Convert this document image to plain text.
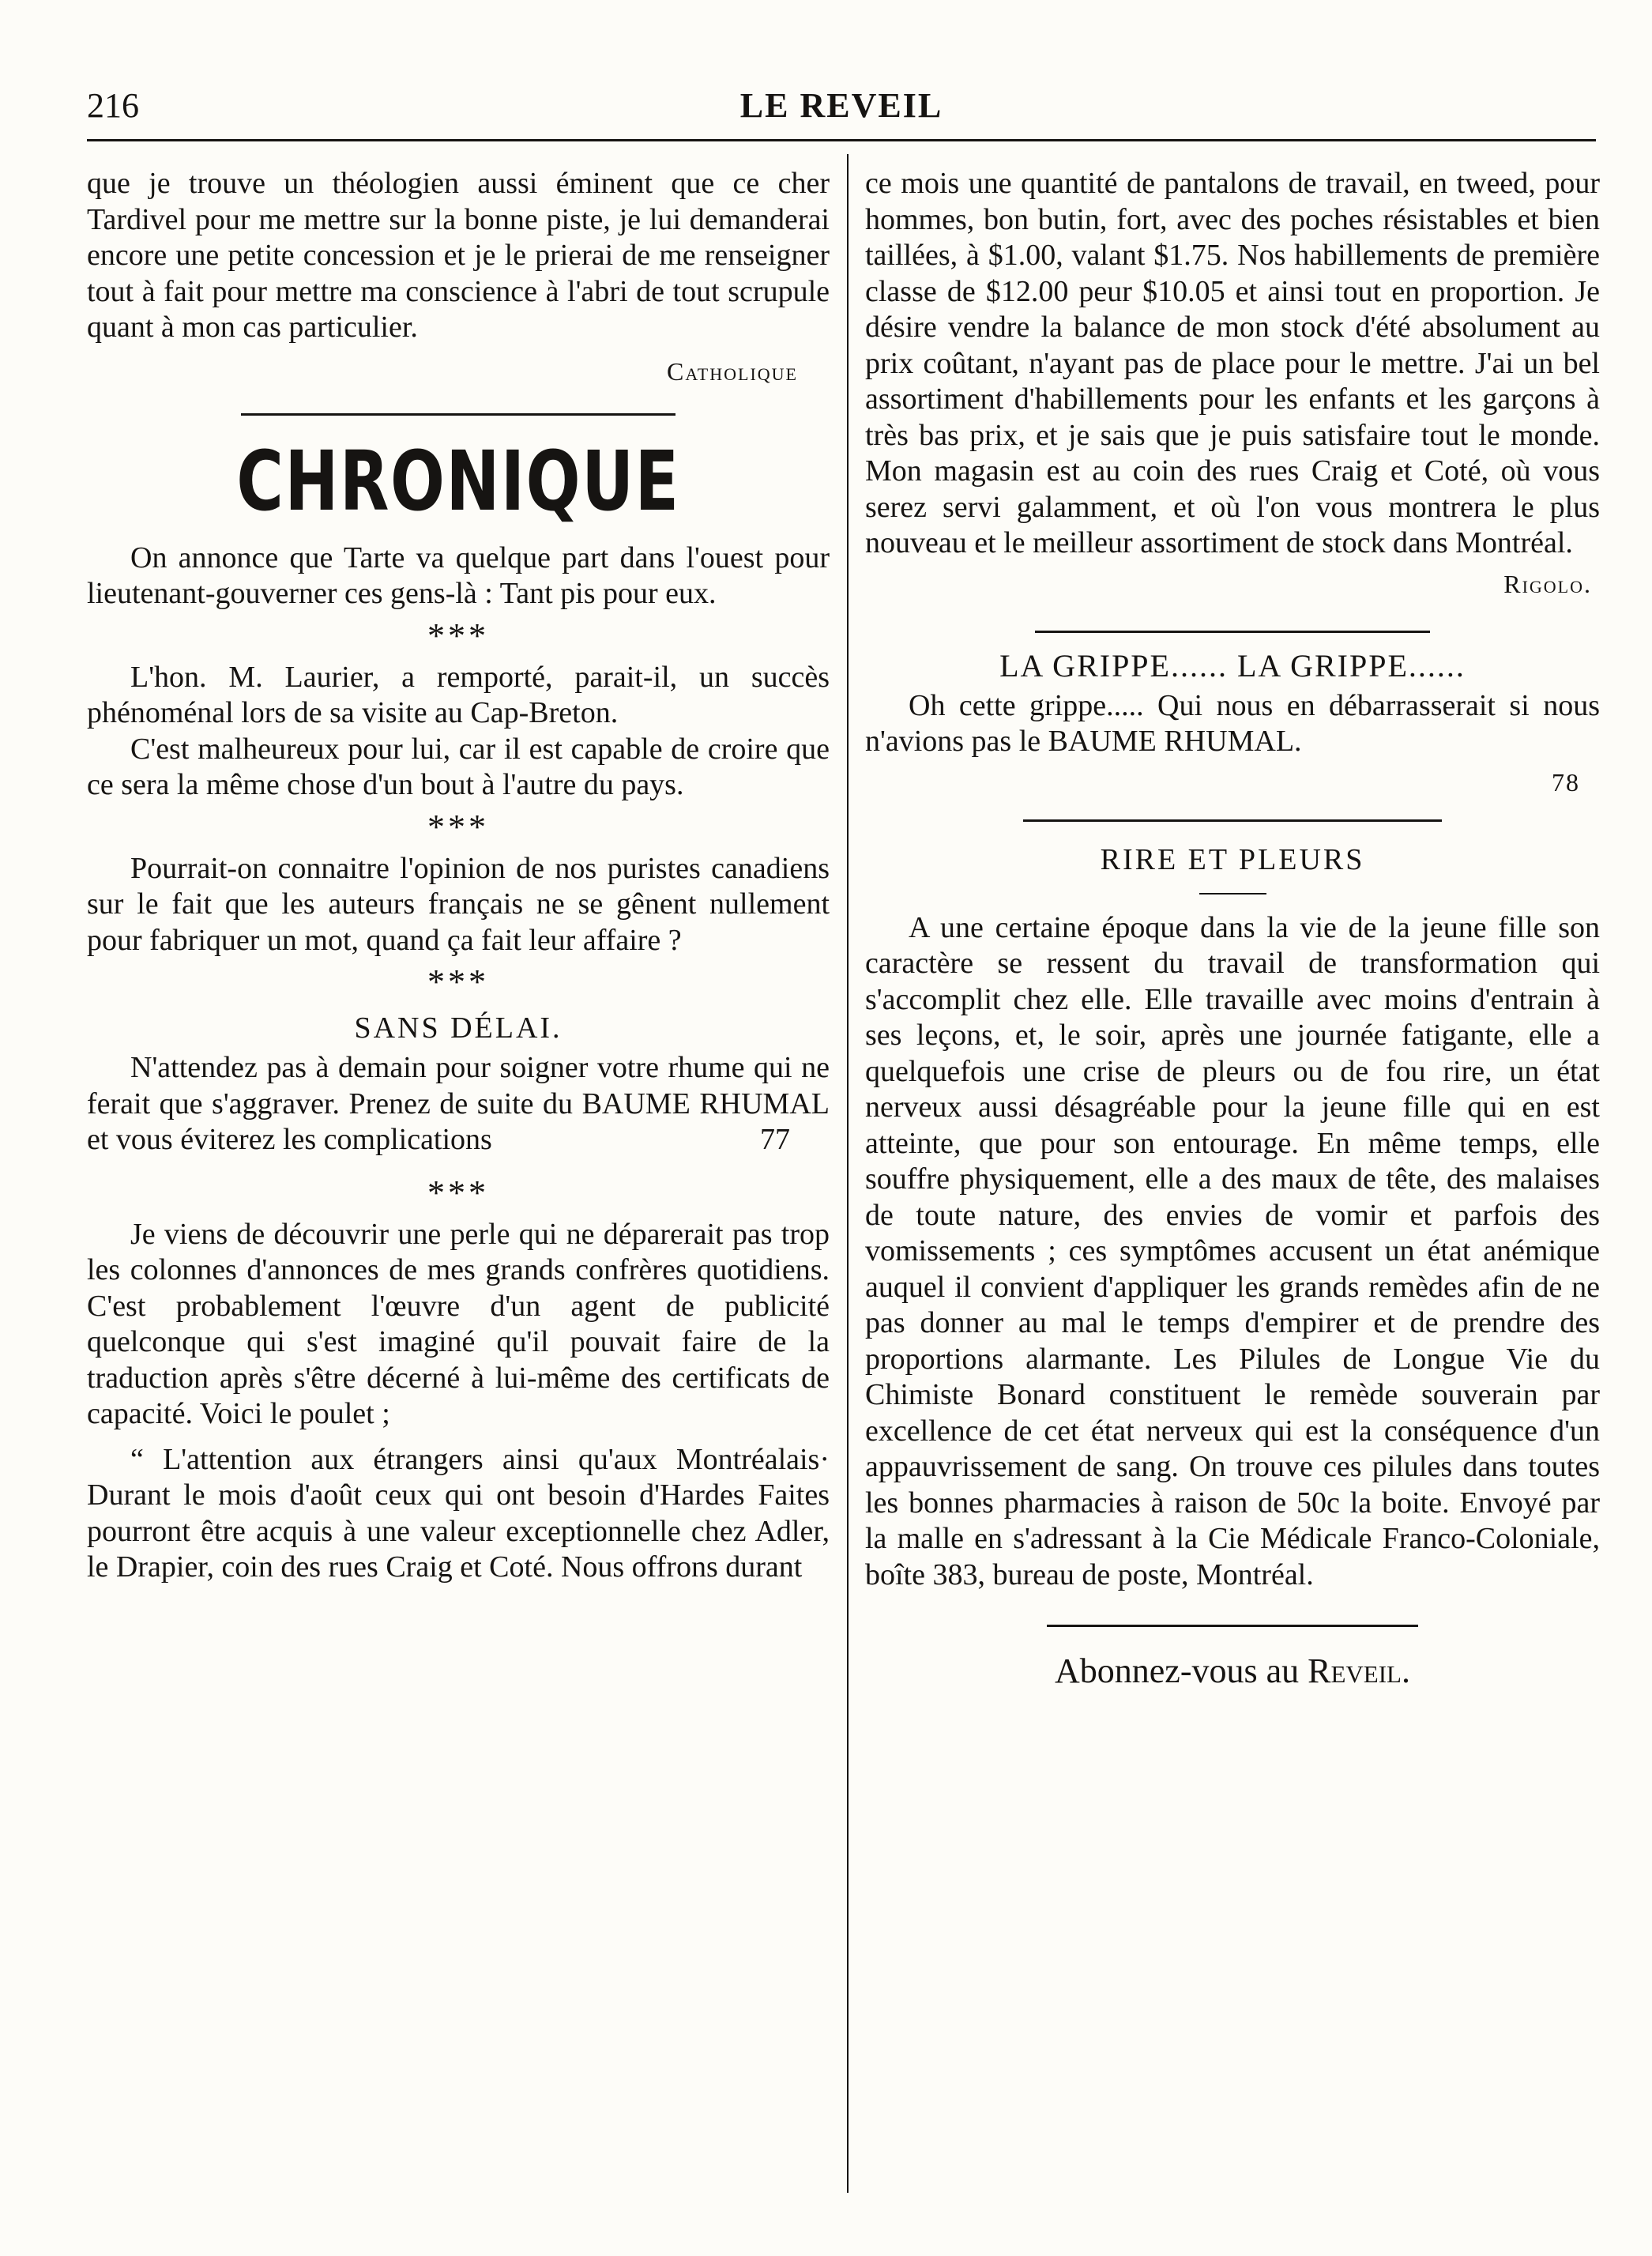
216	LE REVEIL

que je trouve un théologien aussi éminent que ce cher Tardivel pour me mettre sur la bonne piste, je lui demanderai encore une petite concession et je le prierai de me renseigner tout à fait pour mettre ma conscience à l'abri de tout scrupule quant à mon cas particulier.

Catholique
CHRONIQUE

On annonce que Tarte va quelque part dans l'ouest pour lieutenant-gouverner ces gens-là : Tant pis pour eux.

***

L'hon. M. Laurier, a remporté, parait-il, un succès phénoménal lors de sa visite au Cap-Breton.

C'est malheureux pour lui, car il est capable de croire que ce sera la même chose d'un bout à l'autre du pays.

***

Pourrait-on connaitre l'opinion de nos puristes canadiens sur le fait que les auteurs français ne se gênent nullement pour fabriquer un mot, quand ça fait leur affaire ?

***
SANS DÉLAI.

N'attendez pas à demain pour soigner votre rhume qui ne ferait que s'aggraver. Prenez de suite du BAUME RHUMAL et vous éviterez les complications	77

***

Je viens de découvrir une perle qui ne déparerait pas trop les colonnes d'annonces de mes grands confrères quotidiens. C'est probablement l'œuvre d'un agent de publicité quelconque qui s'est imaginé qu'il pouvait faire de la traduction après s'être décerné à lui-même des certificats de capacité. Voici le poulet ;

“ L'attention aux étrangers ainsi qu'aux Montréalais· Durant le mois d'août ceux qui ont besoin d'Hardes Faites pourront être acquis à une valeur exceptionnelle chez Adler, le Drapier, coin des rues Craig et Coté. Nous offrons durant

ce mois une quantité de pantalons de travail, en tweed, pour hommes, bon butin, fort, avec des poches résistables et bien taillées, à $1.00, valant $1.75. Nos habillements de première classe de $12.00 peur $10.05 et ainsi tout en proportion. Je désire vendre la balance de mon stock d'été absolument au prix coûtant, n'ayant pas de place pour le mettre. J'ai un bel assortiment d'habillements pour les enfants et les garçons à très bas prix, et je sais que je puis satisfaire tout le monde. Mon magasin est au coin des rues Craig et Coté, où vous serez servi galamment, et où l'on vous montrera le plus nouveau et le meilleur assortiment de stock dans Montréal.

Rigolo.
LA GRIPPE...... LA GRIPPE......

Oh cette grippe..... Qui nous en débarrasserait si nous n'avions pas le BAUME RHUMAL.

78
RIRE ET PLEURS

A une certaine époque dans la vie de la jeune fille son caractère se ressent du travail de transformation qui s'accomplit chez elle. Elle travaille avec moins d'entrain à ses leçons, et, le soir, après une journée fatigante, elle a quelquefois une crise de pleurs ou de fou rire, un état nerveux aussi désagréable pour la jeune fille qui en est atteinte, que pour son entourage. En même temps, elle souffre physiquement, elle a des maux de tête, des malaises de toute nature, des envies de vomir et parfois des vomissements ; ces symptômes accusent un état anémique auquel il convient d'appliquer les grands remèdes afin de ne pas donner au mal le temps d'empirer et de prendre des proportions alarmante. Les Pilules de Longue Vie du Chimiste Bonard constituent le remède souverain par excellence de cet état nerveux qui est la conséquence d'un appauvrissement de sang. On trouve ces pilules dans toutes les bonnes pharmacies à raison de 50c la boite. Envoyé par la malle en s'adressant à la Cie Médicale Franco-Coloniale, boîte 383, bureau de poste, Montréal.

Abonnez-vous au Reveil.
